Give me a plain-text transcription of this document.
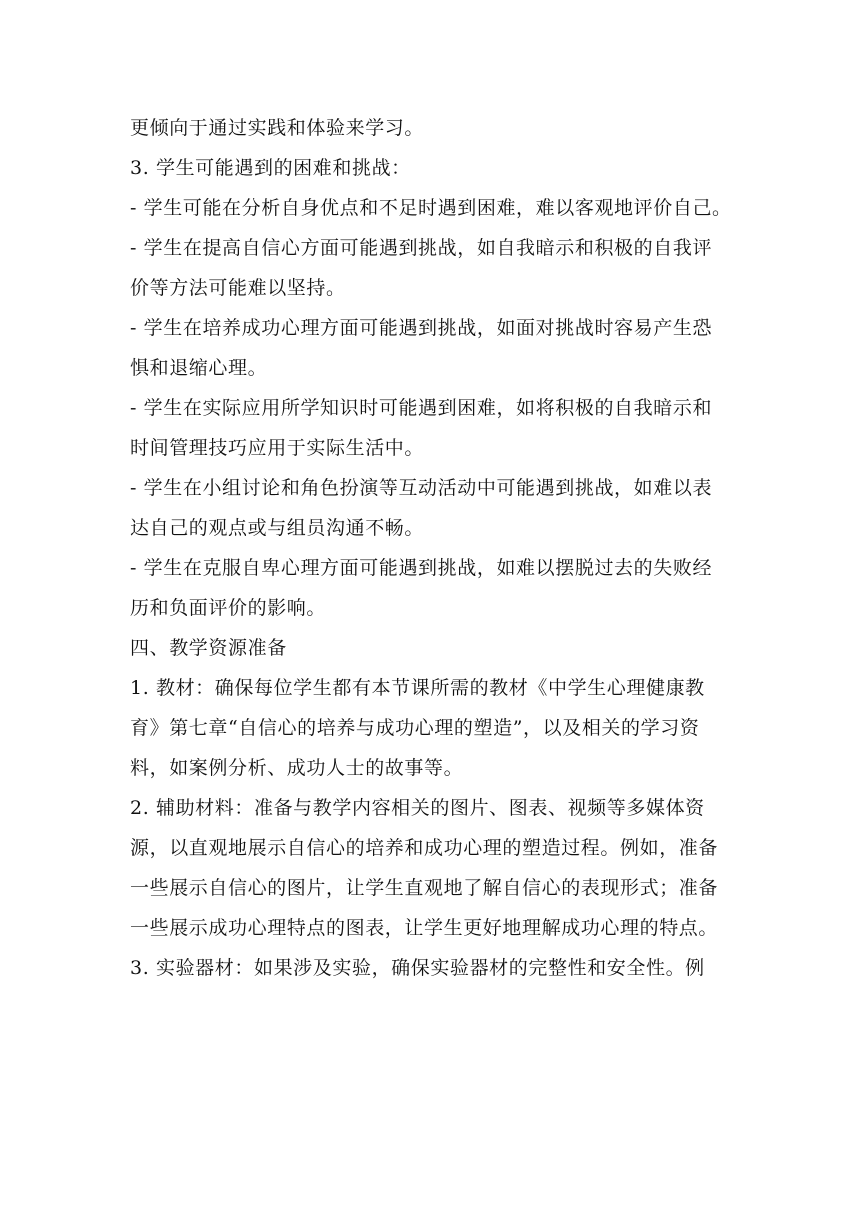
更倾向于通过实践和体验来学习。
3. 学生可能遇到的困难和挑战：
- 学生可能在分析自身优点和不足时遇到困难，难以客观地评价自己。
- 学生在提高自信心方面可能遇到挑战，如自我暗示和积极的自我评
价等方法可能难以坚持。
- 学生在培养成功心理方面可能遇到挑战，如面对挑战时容易产生恐
惧和退缩心理。
- 学生在实际应用所学知识时可能遇到困难，如将积极的自我暗示和
时间管理技巧应用于实际生活中。
- 学生在小组讨论和角色扮演等互动活动中可能遇到挑战，如难以表
达自己的观点或与组员沟通不畅。
- 学生在克服自卑心理方面可能遇到挑战，如难以摆脱过去的失败经
历和负面评价的影响。
四、教学资源准备
1. 教材：确保每位学生都有本节课所需的教材《中学生心理健康教
育》第七章“自信心的培养与成功心理的塑造”，以及相关的学习资
料，如案例分析、成功人士的故事等。
2. 辅助材料：准备与教学内容相关的图片、图表、视频等多媒体资
源，以直观地展示自信心的培养和成功心理的塑造过程。例如，准备
一些展示自信心的图片，让学生直观地了解自信心的表现形式；准备
一些展示成功心理特点的图表，让学生更好地理解成功心理的特点。
3. 实验器材：如果涉及实验，确保实验器材的完整性和安全性。例
